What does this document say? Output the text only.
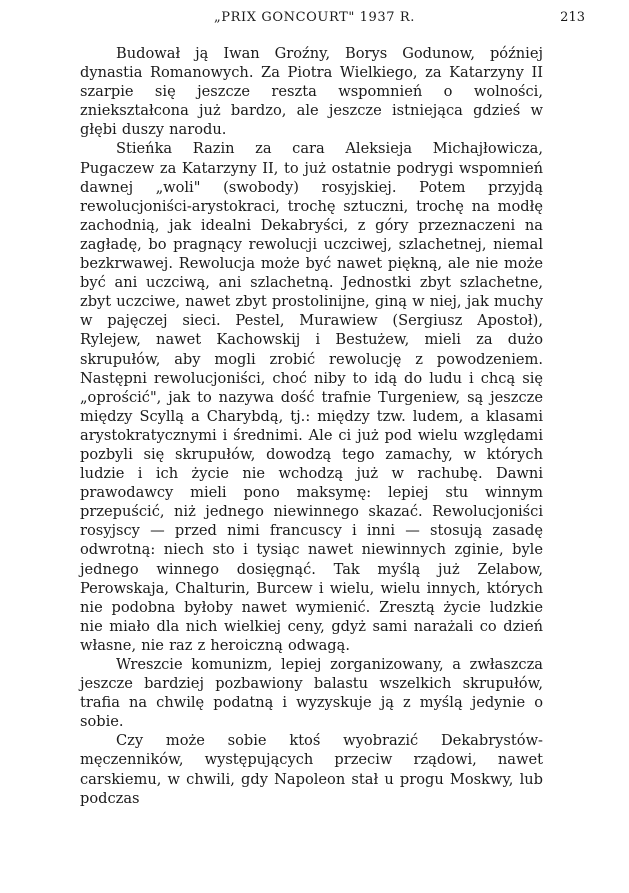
„PRIX GONCOURT" 1937 R.	213

Budował ją Iwan Groźny, Borys Godunow, później dynastia Romanowych. Za Piotra Wielkiego, za Katarzyny II szarpie się jeszcze reszta wspomnień o wolności, zniekształcona już bardzo, ale jeszcze istniejąca gdzieś w głębi duszy narodu.

Stieńka Razin za cara Aleksieja Michajłowicza, Pugaczew za Katarzyny II, to już ostatnie podrygi wspomnień dawnej „woli" (swobody) rosyjskiej. Potem przyjdą rewolucjoniści-arystokraci, trochę sztuczni, trochę na modłę zachodnią, jak idealni Dekabryści, z góry przeznaczeni na zagładę, bo pragnący rewolucji uczciwej, szlachetnej, niemal bezkrwawej. Rewolucja może być nawet piękną, ale nie może być ani uczciwą, ani szlachetną. Jednostki zbyt szlachetne, zbyt uczciwe, nawet zbyt prostolinijne, giną w niej, jak muchy w pajęczej sieci. Pestel, Murawiew (Sergiusz Apostoł), Rylejew, nawet Kachowskij i Bestużew, mieli za dużo skrupułów, aby mogli zrobić rewolucję z powodzeniem. Następni rewolucjoniści, choć niby to idą do ludu i chcą się „oprościć", jak to nazywa dość trafnie Turgeniew, są jeszcze między Scyllą a Charybdą, tj.: między tzw. ludem, a klasami arystokratycznymi i średnimi. Ale ci już pod wielu względami pozbyli się skrupułów, dowodzą tego zamachy, w których ludzie i ich życie nie wchodzą już w rachubę. Dawni prawodawcy mieli pono maksymę: lepiej stu winnym przepuścić, niż jednego niewinnego skazać. Rewolucjoniści rosyjscy — przed nimi francuscy i inni — stosują zasadę odwrotną: niech sto i tysiąc nawet niewinnych zginie, byle jednego winnego dosięgnąć. Tak myślą już Zelabow, Perowskaja, Chalturin, Burcew i wielu, wielu innych, których nie podobna byłoby nawet wymienić. Zresztą życie ludzkie nie miało dla nich wielkiej ceny, gdyż sami narażali co dzień własne, nie raz z heroiczną odwagą.

Wreszcie komunizm, lepiej zorganizowany, a zwłaszcza jeszcze bardziej pozbawiony balastu wszelkich skrupułów, trafia na chwilę podatną i wyzyskuje ją z myślą jedynie o sobie.

Czy może sobie ktoś wyobrazić Dekabrystów-męczenników, występujących przeciw rządowi, nawet carskiemu, w chwili, gdy Napoleon stał u progu Moskwy, lub podczas
